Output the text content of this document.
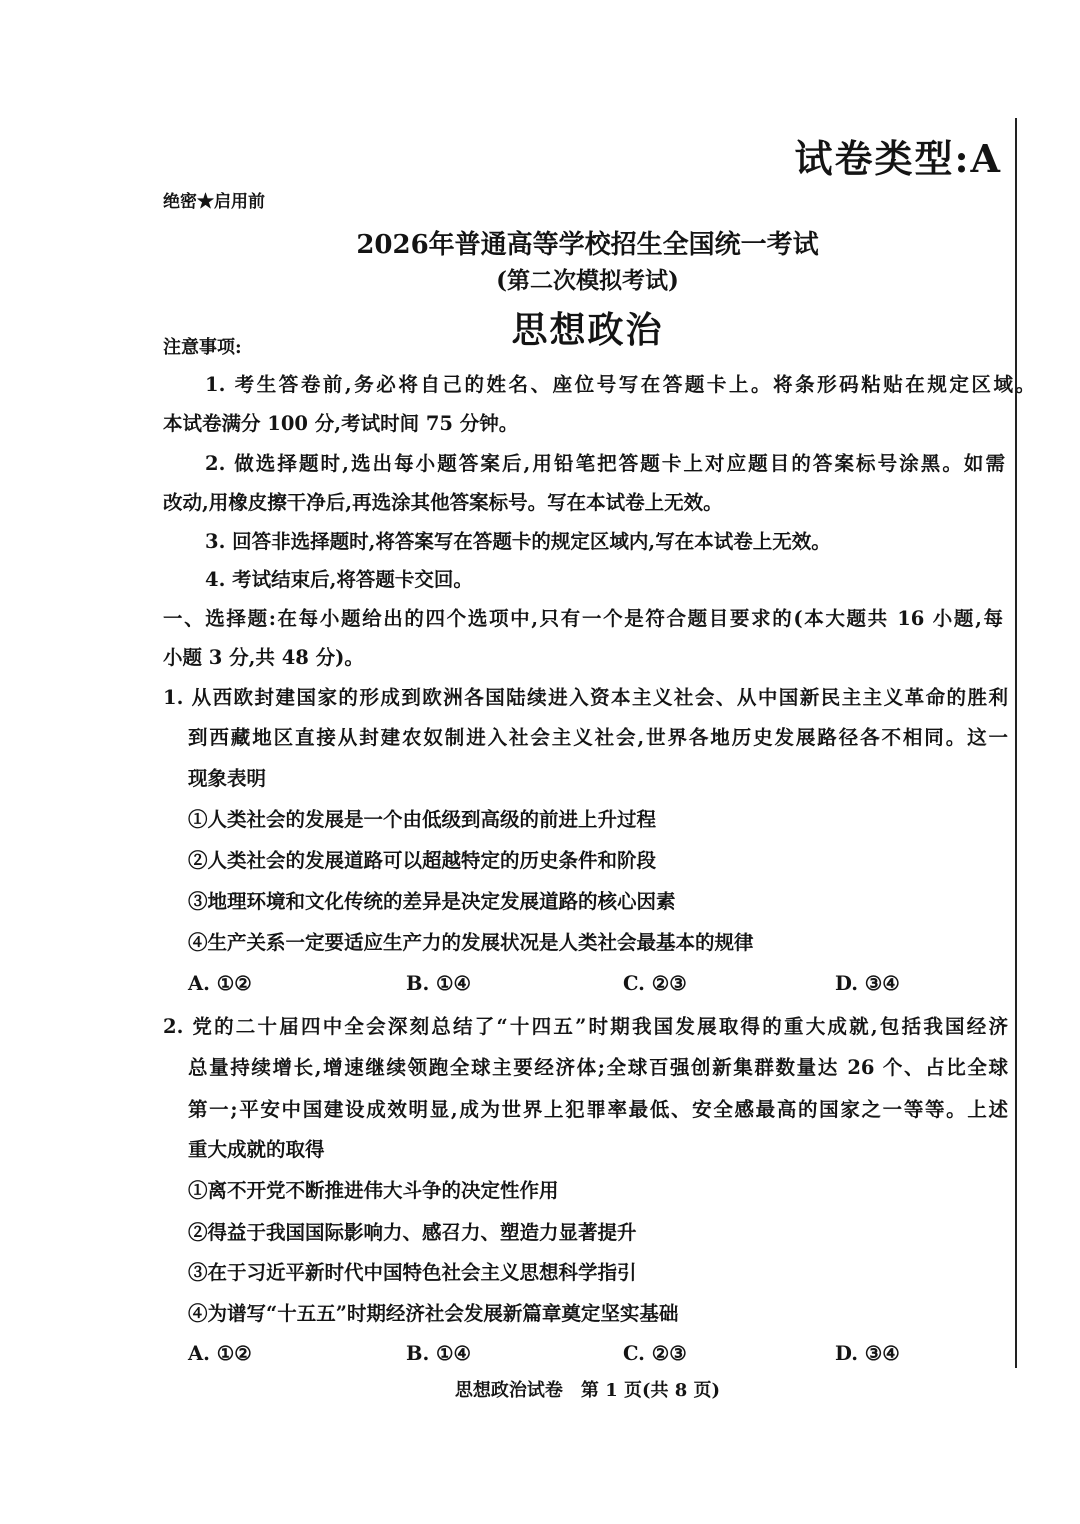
试卷类型:A
绝密★启用前
2026年普通高等学校招生全国统一考试
(第二次模拟考试)
思想政治
注意事项:
1. 考生答卷前,务必将自己的姓名、座位号写在答题卡上。将条形码粘贴在规定区域。
本试卷满分 100 分,考试时间 75 分钟。
2. 做选择题时,选出每小题答案后,用铅笔把答题卡上对应题目的答案标号涂黑。如需
改动,用橡皮擦干净后,再选涂其他答案标号。写在本试卷上无效。
3. 回答非选择题时,将答案写在答题卡的规定区域内,写在本试卷上无效。
4. 考试结束后,将答题卡交回。
一、选择题:在每小题给出的四个选项中,只有一个是符合题目要求的(本大题共 16 小题,每
小题 3 分,共 48 分)。
1. 从西欧封建国家的形成到欧洲各国陆续进入资本主义社会、从中国新民主主义革命的胜利
到西藏地区直接从封建农奴制进入社会主义社会,世界各地历史发展路径各不相同。这一
现象表明
①人类社会的发展是一个由低级到高级的前进上升过程
②人类社会的发展道路可以超越特定的历史条件和阶段
③地理环境和文化传统的差异是决定发展道路的核心因素
④生产关系一定要适应生产力的发展状况是人类社会最基本的规律
A. ①②	B. ①④	C. ②③	D. ③④
2. 党的二十届四中全会深刻总结了“十四五”时期我国发展取得的重大成就,包括我国经济
总量持续增长,增速继续领跑全球主要经济体;全球百强创新集群数量达 26 个、占比全球
第一;平安中国建设成效明显,成为世界上犯罪率最低、安全感最高的国家之一等等。上述
重大成就的取得
①离不开党不断推进伟大斗争的决定性作用
②得益于我国国际影响力、感召力、塑造力显著提升
③在于习近平新时代中国特色社会主义思想科学指引
④为谱写“十五五”时期经济社会发展新篇章奠定坚实基础
A. ①②	B. ①④	C. ②③	D. ③④
思想政治试卷　第 1 页(共 8 页)
